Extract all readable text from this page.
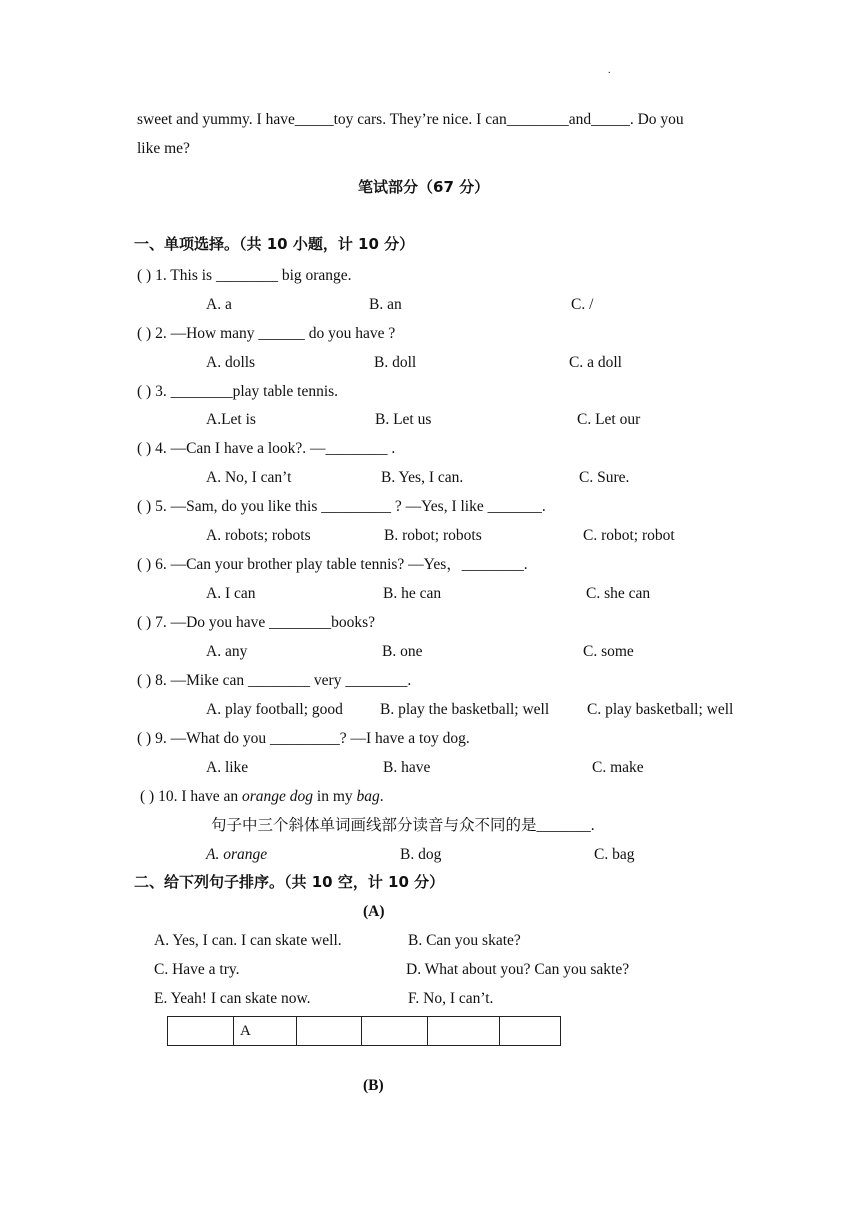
.
sweet and yummy. I have_____toy cars. They’re nice. I can________and_____. Do you
like me?
笔试部分（67 分）
一、单项选择。（共 10 小题，计 10 分）
( ) 1. This is ________ big orange.
A. a	B. an	C. /
( ) 2. —How many ______ do you have ?
A. dolls	B. doll	C. a doll
( ) 3. ________play table tennis.
A.Let is	B. Let us	C. Let our
( ) 4. —Can I have a look?. —________ .
A. No, I can’t	B. Yes, I can.	C. Sure.
( ) 5. —Sam, do you like this _________ ? —Yes, I like _______.
A. robots; robots	B. robot; robots	C. robot; robot
( ) 6. —Can your brother play table tennis? —Yes，________.
A. I can	B. he can	C. she can
( ) 7. —Do you have ________books?
A. any	B. one	C. some
( ) 8. —Mike can ________ very ________.
A. play football; good B. play the basketball; well C. play basketball; well
( ) 9. —What do you _________? —I have a toy dog.
A. like	B. have	C. make
( ) 10. I have an orange dog in my bag.
句子中三个斜体单词画线部分读音与众不同的是_______.
A. orange	B. dog	C. bag
二、给下列句子排序。（共 10 空，计 10 分）
(A)
A. Yes, I can. I can skate well.	B. Can you skate?
C. Have a try.	D. What about you? Can you sakte?
E. Yeah! I can skate now.	F. No, I can’t.
	A				
(B)
